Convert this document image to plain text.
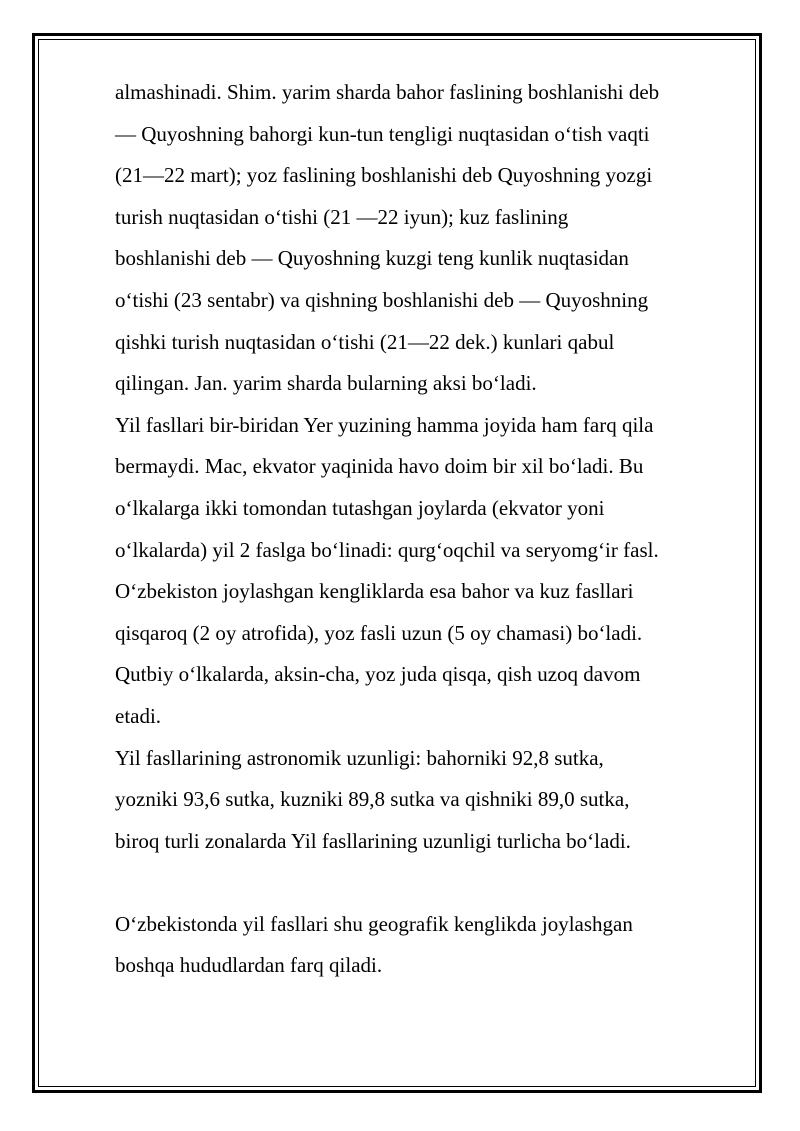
almashinadi. Shim. yarim sharda bahor faslining boshlanishi deb
— Quyoshning bahorgi kun-tun tengligi nuqtasidan oʻtish vaqti
(21—22 mart); yoz faslining boshlanishi deb Quyoshning yozgi
turish nuqtasidan oʻtishi (21 —22 iyun); kuz faslining
boshlanishi deb — Quyoshning kuzgi teng kunlik nuqtasidan
oʻtishi (23 sentabr) va qishning boshlanishi deb — Quyoshning
qishki turish nuqtasidan oʻtishi (21—22 dek.) kunlari qabul
qilingan. Jan. yarim sharda bularning aksi boʻladi.

Yil fasllari bir-biridan Yer yuzining hamma joyida ham farq qila
bermaydi. Mac, ekvator yaqinida havo doim bir xil boʻladi. Bu
oʻlkalarga ikki tomondan tutashgan joylarda (ekvator yoni
oʻlkalarda) yil 2 faslga boʻlinadi: qurgʻoqchil va seryomgʻir fasl.
Oʻzbekiston joylashgan kengliklarda esa bahor va kuz fasllari
qisqaroq (2 oy atrofida), yoz fasli uzun (5 oy chamasi) boʻladi.
Qutbiy oʻlkalarda, aksin-cha, yoz juda qisqa, qish uzoq davom
etadi.

Yil fasllarining astronomik uzunligi: bahorniki 92,8 sutka,
yozniki 93,6 sutka, kuzniki 89,8 sutka va qishniki 89,0 sutka,
biroq turli zonalarda Yil fasllarining uzunligi turlicha boʻladi.

Oʻzbekistonda yil fasllari shu geografik kenglikda joylashgan
boshqa hududlardan farq qiladi.
